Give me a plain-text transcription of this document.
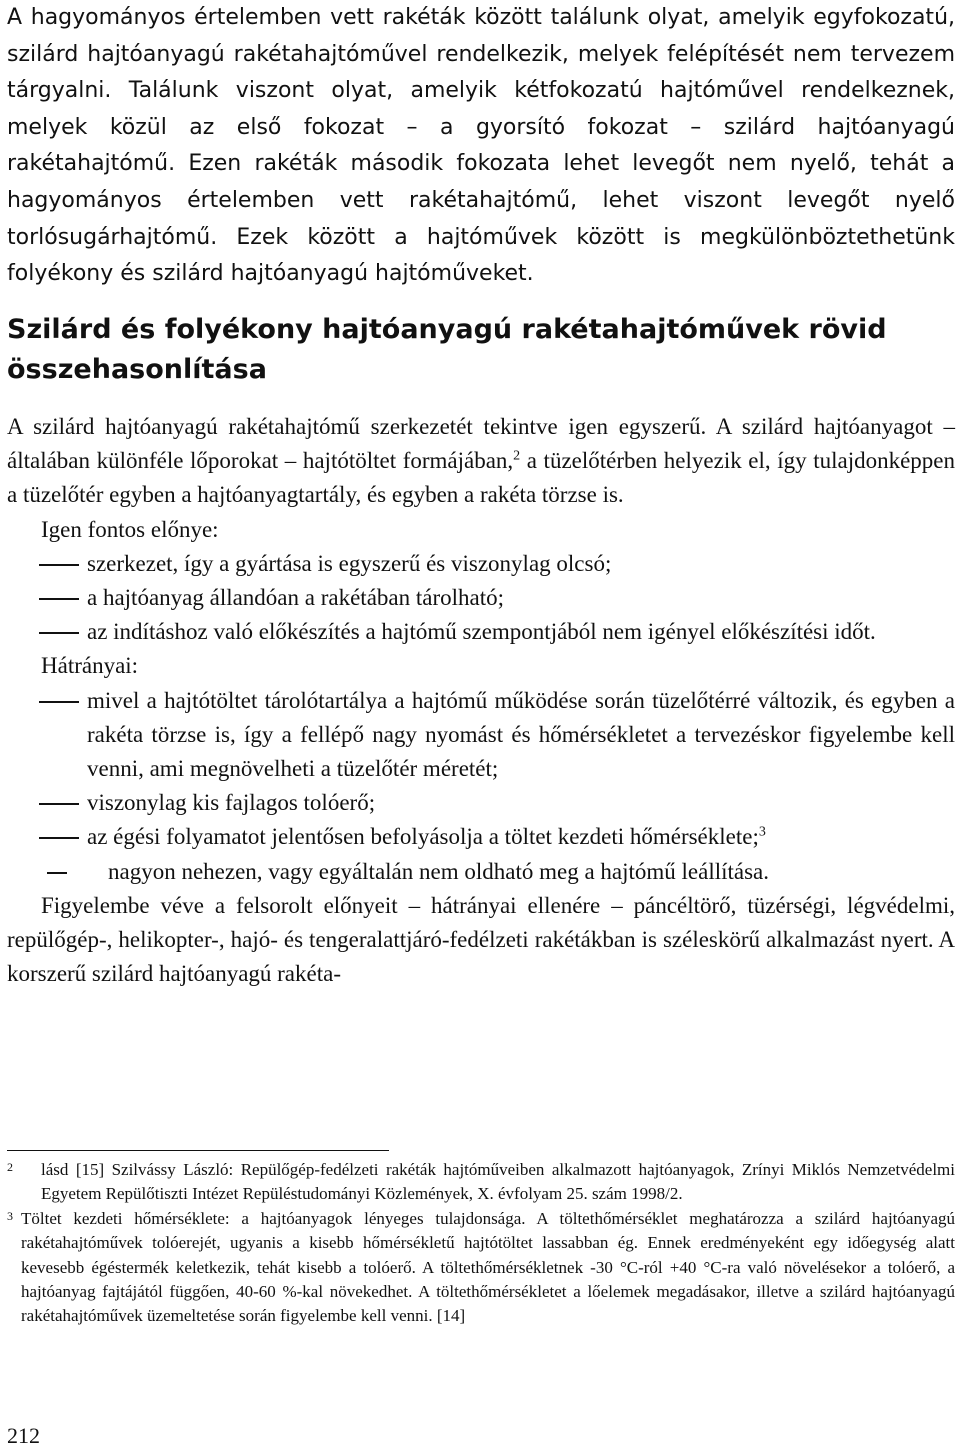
A hagyományos értelemben vett rakéták között találunk olyat, amelyik egyfokozatú, szilárd hajtóanyagú rakétahajtóművel rendelkezik, melyek felépítését nem tervezem tárgyalni. Találunk viszont olyat, amelyik kétfokozatú hajtóművel rendelkeznek, melyek közül az első fokozat – a gyorsító fokozat – szilárd hajtóanyagú rakétahajtómű. Ezen rakéták második fokozata lehet levegőt nem nyelő, tehát a hagyományos értelemben vett rakétahajtómű, lehet viszont levegőt nyelő torlósugárhajtómű. Ezek között a hajtóművek között is megkülönböztethetünk folyékony és szilárd hajtóanyagú hajtóműveket.

Szilárd és folyékony hajtóanyagú rakétahajtóművek rövid összehasonlítása

A szilárd hajtóanyagú rakétahajtómű szerkezetét tekintve igen egyszerű. A szilárd hajtóanyagot – általában különféle lőporokat – hajtótöltet formájában,$^2$ a tüzelőtérben helyezik el, így tulajdonképpen a tüzelőtér egyben a hajtóanyagtartály, és egyben a rakéta törzse is.

Igen fontos előnye:

szerkezet, így a gyártása is egyszerű és viszonylag olcsó;

a hajtóanyag állandóan a rakétában tárolható;

az indításhoz való előkészítés a hajtómű szempontjából nem igényel előkészítési időt.

Hátrányai:

mivel a hajtótöltet tárolótartálya a hajtómű működése során tüzelőtérré változik, és egyben a rakéta törzse is, így a fellépő nagy nyomást és hőmérsékletet a tervezéskor figyelembe kell venni, ami megnövelheti a tüzelőtér méretét;

viszonylag kis fajlagos tolóerő;

az égési folyamatot jelentősen befolyásolja a töltet kezdeti hőmérséklete;$^3$

nagyon nehezen, vagy egyáltalán nem oldható meg a hajtómű leállítása.

Figyelembe véve a felsorolt előnyeit – hátrányai ellenére – páncéltörő, tüzérségi, légvédelmi, repülőgép-, helikopter-, hajó- és tengeralattjáró-fedélzeti rakétákban is széleskörű alkalmazást nyert. A korszerű szilárd hajtóanyagú rakéta-

2 lásd [15] Szilvássy László: Repülőgép-fedélzeti rakéták hajtóműveiben alkalmazott hajtóanyagok, Zrínyi Miklós Nemzetvédelmi Egyetem Repülőtiszti Intézet Repüléstudományi Közlemények, X. évfolyam 25. szám 1998/2.

3 Töltet kezdeti hőmérséklete: a hajtóanyagok lényeges tulajdonsága. A töltethőmérséklet meghatározza a szilárd hajtóanyagú rakétahajtóművek tolóerejét, ugyanis a kisebb hőmérsékletű hajtótöltet lassabban ég. Ennek eredményeként egy időegység alatt kevesebb égéstermék keletkezik, tehát kisebb a tolóerő. A töltethőmérsékletnek -30 °C-ról +40 °C-ra való növelésekor a tolóerő, a hajtóanyag fajtájától függően, 40-60 %-kal növekedhet. A töltethőmérsékletet a lőelemek megadásakor, illetve a szilárd hajtóanyagú rakétahajtóművek üzemeltetése során figyelembe kell venni. [14]

212
